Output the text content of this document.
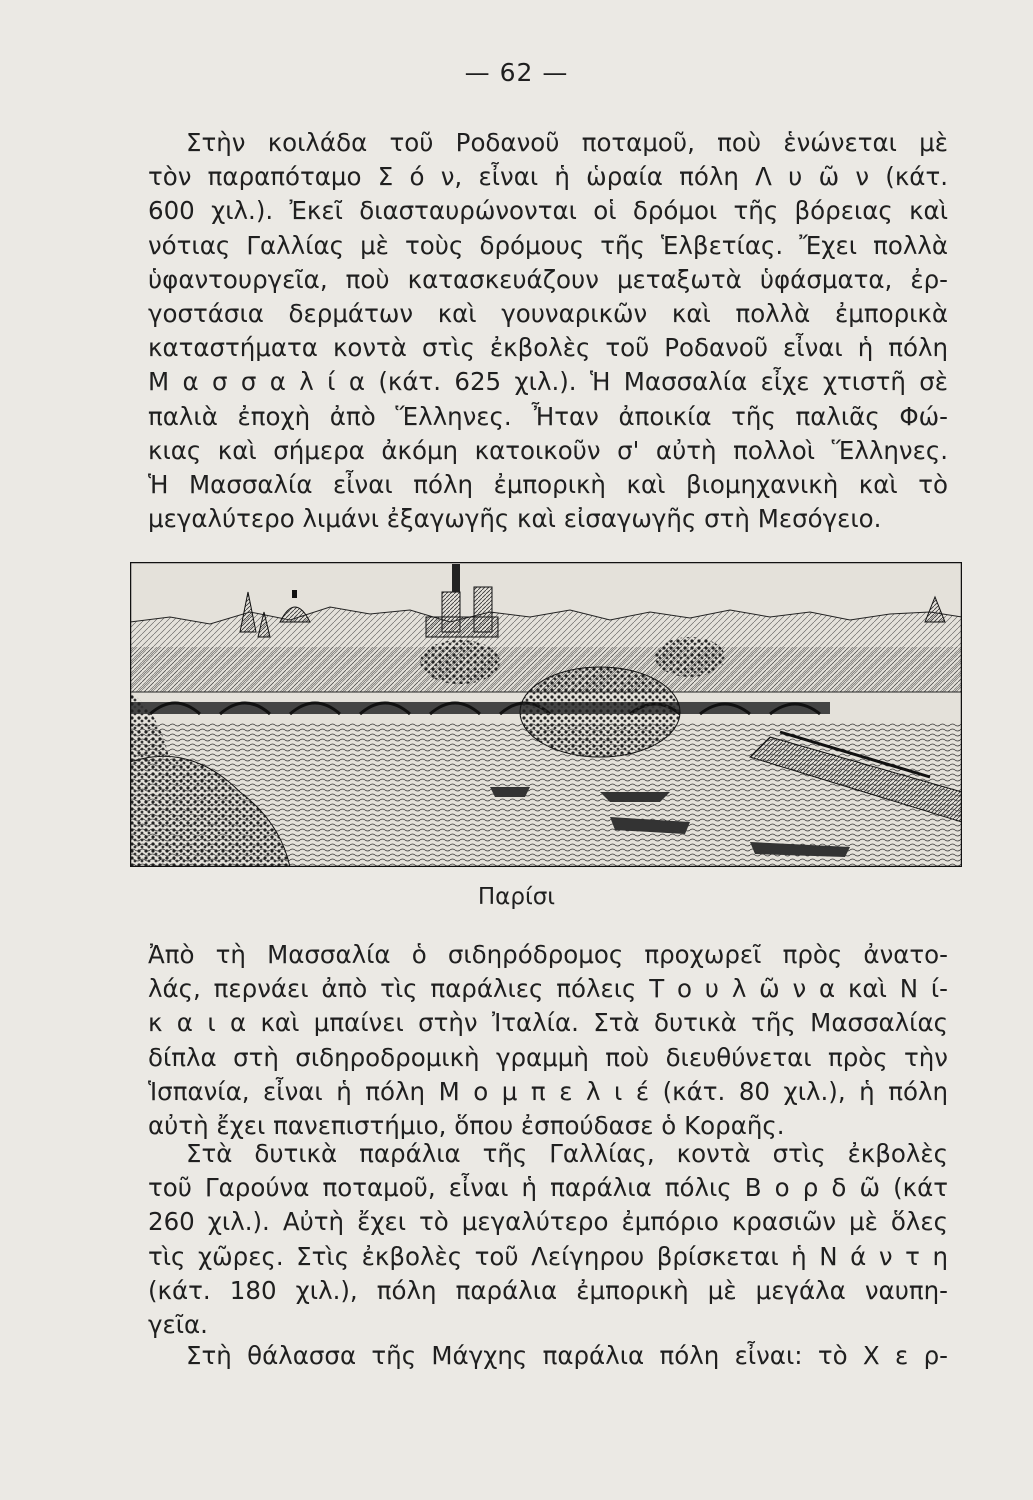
— 62 —
Στὴν κοιλάδα τοῦ Ροδανοῦ ποταμοῦ, ποὺ ἑνώνεται μὲ
τὸν παραπόταμο Σ ό ν, εἶναι ἡ ὡραία πόλη Λ υ ῶ ν (κάτ.
600 χιλ.). Ἐκεῖ διασταυρώνονται οἱ δρόμοι τῆς βόρειας καὶ
νότιας Γαλλίας μὲ τοὺς δρόμους τῆς Ἑλβετίας. Ἔχει πολλὰ
ὑφαντουργεῖα, ποὺ κατασκευάζουν μεταξωτὰ ὑφάσματα, ἐρ-
γοστάσια δερμάτων καὶ γουναρικῶν καὶ πολλὰ ἐμπορικὰ
καταστήματα κοντὰ στὶς ἐκβολὲς τοῦ Ροδανοῦ εἶναι ἡ πόλη
Μ α σ σ α λ ί α (κάτ. 625 χιλ.). Ἡ Μασσαλία εἶχε χτιστῆ σὲ
παλιὰ ἐποχὴ ἀπὸ Ἕλληνες. Ἦταν ἀποικία τῆς παλιᾶς Φώ-
κιας καὶ σήμερα ἀκόμη κατοικοῦν σ' αὐτὴ πολλοὶ Ἕλληνες.
Ἡ Μασσαλία εἶναι πόλη ἐμπορικὴ καὶ βιομηχανικὴ καὶ τὸ
μεγαλύτερο λιμάνι ἐξαγωγῆς καὶ εἰσαγωγῆς στὴ Μεσόγειο.
Παρίσι
Ἀπὸ τὴ Μασσαλία ὁ σιδηρόδρομος προχωρεῖ πρὸς ἀνατο-
λάς, περνάει ἀπὸ τὶς παράλιες πόλεις Τ ο υ λ ῶ ν α καὶ Ν ί-
κ α ι α καὶ μπαίνει στὴν Ἰταλία. Στὰ δυτικὰ τῆς Μασσαλίας
δίπλα στὴ σιδηροδρομικὴ γραμμὴ ποὺ διευθύνεται πρὸς τὴν
Ἱσπανία, εἶναι ἡ πόλη Μ ο μ π ε λ ι έ (κάτ. 80 χιλ.), ἡ πόλη
αὐτὴ ἔχει πανεπιστήμιο, ὅπου ἐσπούδασε ὁ Κοραῆς.
Στὰ δυτικὰ παράλια τῆς Γαλλίας, κοντὰ στὶς ἐκβολὲς
τοῦ Γαρούνα ποταμοῦ, εἶναι ἡ παράλια πόλις Β ο ρ δ ῶ (κάτ
260 χιλ.). Αὐτὴ ἔχει τὸ μεγαλύτερο ἐμπόριο κρασιῶν μὲ ὅλες
τὶς χῶρες. Στὶς ἐκβολὲς τοῦ Λείγηρου βρίσκεται ἡ Ν ά ν τ η
(κάτ. 180 χιλ.), πόλη παράλια ἐμπορικὴ μὲ μεγάλα ναυπη-
γεῖα.
Στὴ θάλασσα τῆς Μάγχης παράλια πόλη εἶναι: τὸ Χ ε ρ-
